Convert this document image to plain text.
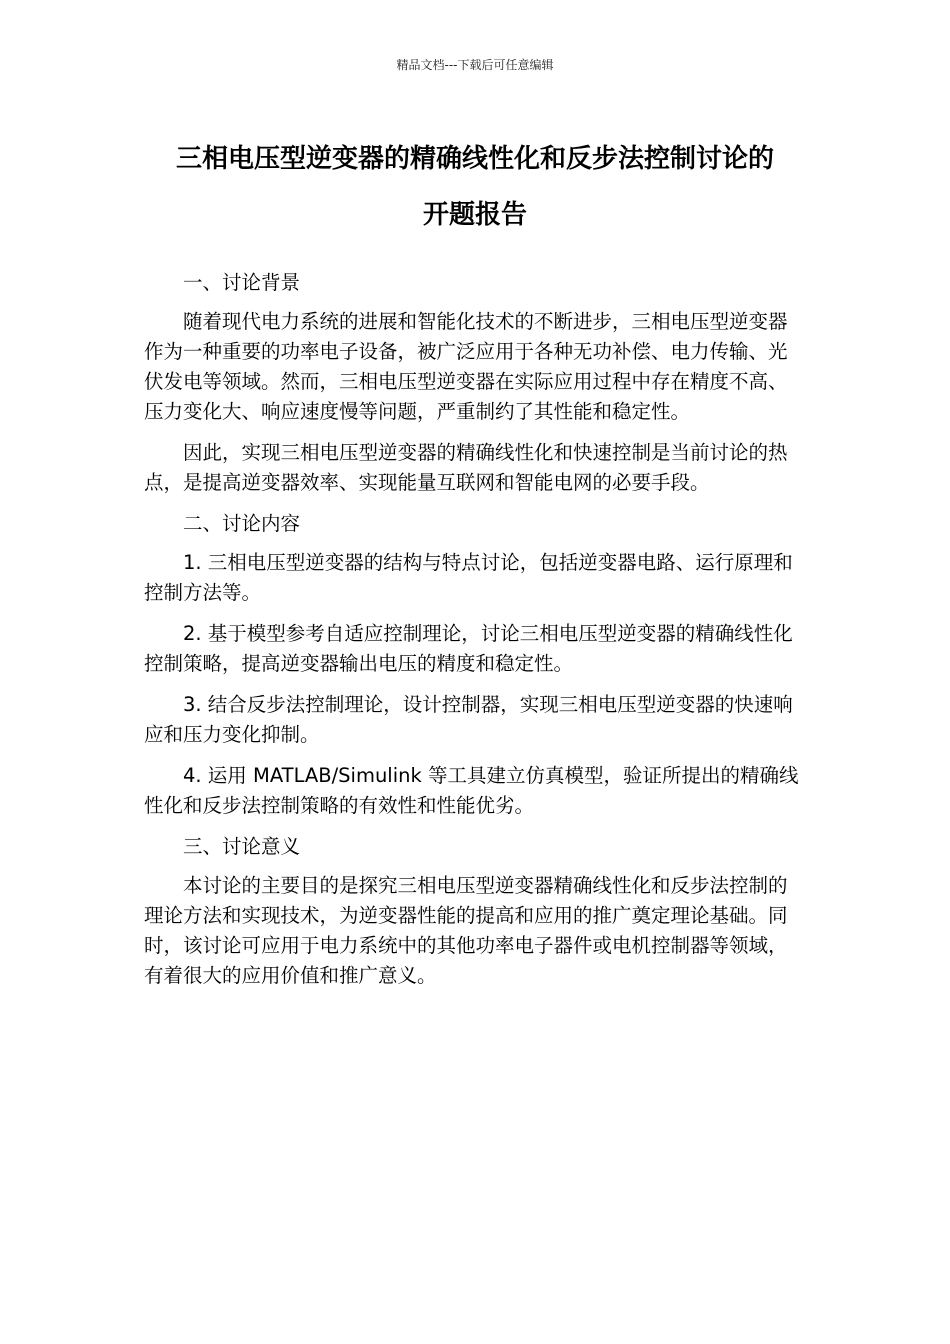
精品文档---下载后可任意编辑
三相电压型逆变器的精确线性化和反步法控制讨论的
开题报告

一、讨论背景

随着现代电力系统的进展和智能化技术的不断进步，三相电压型逆变器作为一种重要的功率电子设备，被广泛应用于各种无功补偿、电力传输、光伏发电等领域。然而，三相电压型逆变器在实际应用过程中存在精度不高、压力变化大、响应速度慢等问题，严重制约了其性能和稳定性。

因此，实现三相电压型逆变器的精确线性化和快速控制是当前讨论的热点，是提高逆变器效率、实现能量互联网和智能电网的必要手段。

二、讨论内容

1. 三相电压型逆变器的结构与特点讨论，包括逆变器电路、运行原理和控制方法等。

2. 基于模型参考自适应控制理论，讨论三相电压型逆变器的精确线性化控制策略，提高逆变器输出电压的精度和稳定性。

3. 结合反步法控制理论，设计控制器，实现三相电压型逆变器的快速响应和压力变化抑制。

4. 运用 MATLAB/Simulink 等工具建立仿真模型，验证所提出的精确线性化和反步法控制策略的有效性和性能优劣。

三、讨论意义

本讨论的主要目的是探究三相电压型逆变器精确线性化和反步法控制的理论方法和实现技术，为逆变器性能的提高和应用的推广奠定理论基础。同时，该讨论可应用于电力系统中的其他功率电子器件或电机控制器等领域，有着很大的应用价值和推广意义。
